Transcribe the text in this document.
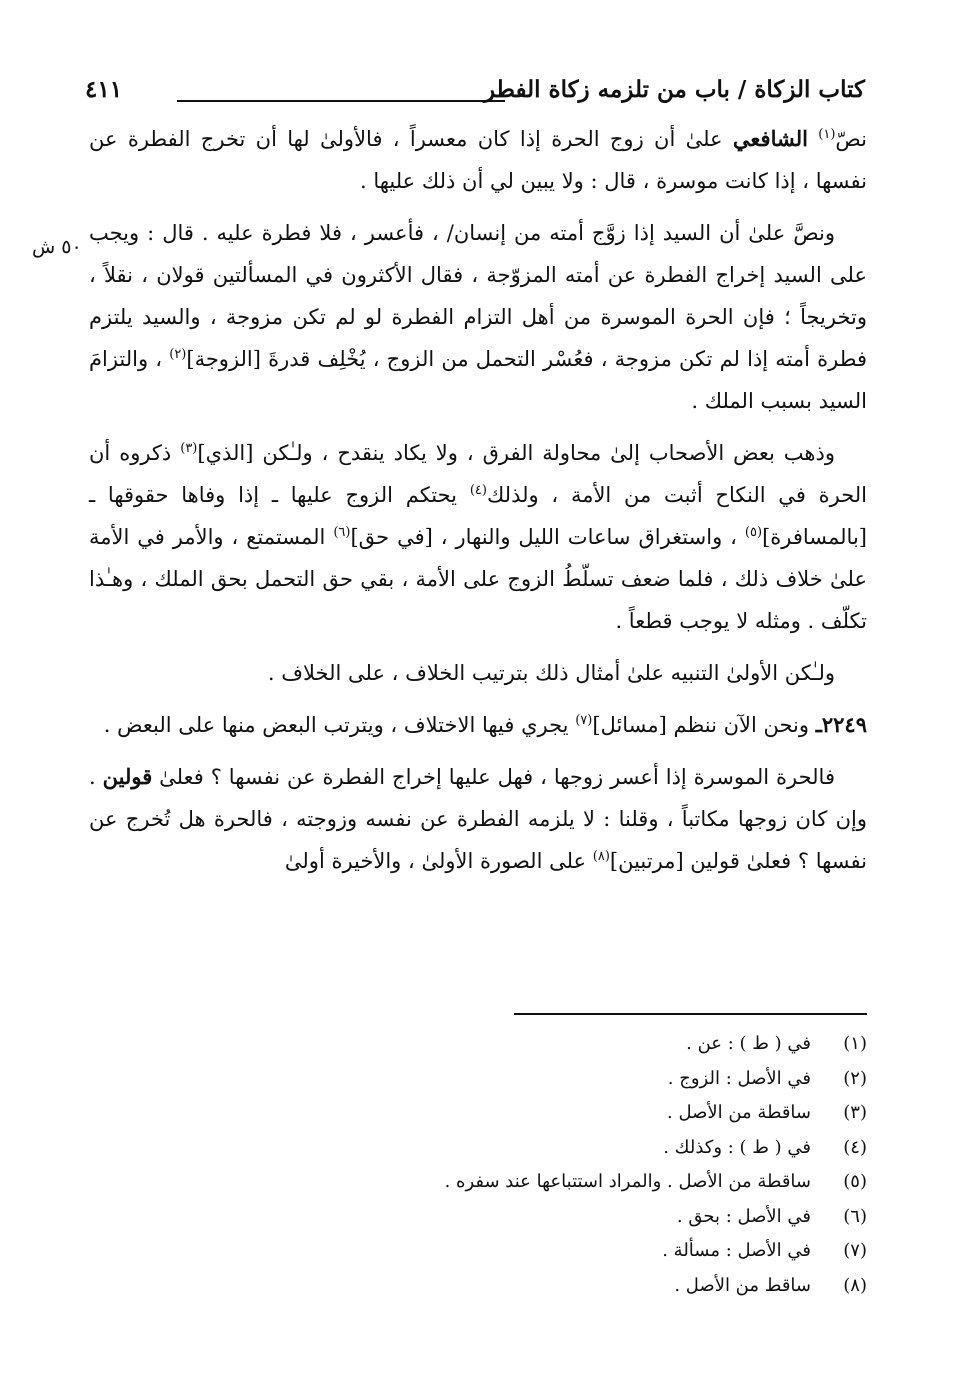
كتاب الزكاة / باب من تلزمه زكاة الفطر
٤١١
٥٠ ش

نصّ$^{(١)}$ الشافعي علىٰ أن زوج الحرة إذا كان معسراً ، فالأولىٰ لها أن تخرج الفطرة عن نفسها ، إذا كانت موسرة ، قال : ولا يبين لي أن ذلك عليها .

ونصَّ علىٰ أن السيد إذا زوَّج أمته من إنسان/ ، فأعسر ، فلا فطرة عليه . قال : ويجب على السيد إخراج الفطرة عن أمته المزوّجة ، فقال الأكثرون في المسألتين قولان ، نقلاً ، وتخريجاً ؛ فإن الحرة الموسرة من أهل التزام الفطرة لو لم تكن مزوجة ، والسيد يلتزم فطرة أمته إذا لم تكن مزوجة ، فعُسْر التحمل من الزوج ، يُخْلِف قدرةَ [الزوجة]$^{(٢)}$ ، والتزامَ السيد بسبب الملك .

وذهب بعض الأصحاب إلىٰ محاولة الفرق ، ولا يكاد ينقدح ، ولـٰكن [الذي]$^{(٣)}$ ذكروه أن الحرة في النكاح أثبت من الأمة ، ولذلك$^{(٤)}$ يحتكم الزوج عليها ـ إذا وفاها حقوقها ـ [بالمسافرة]$^{(٥)}$ ، واستغراق ساعات الليل والنهار ، [في حق]$^{(٦)}$ المستمتع ، والأمر في الأمة علىٰ خلاف ذلك ، فلما ضعف تسلّطُ الزوج على الأمة ، بقي حق التحمل بحق الملك ، وهـٰذا تكلّف . ومثله لا يوجب قطعاً .

ولـٰكن الأولىٰ التنبيه علىٰ أمثال ذلك بترتيب الخلاف ، على الخلاف .

٢٢٤٩ـ ونحن الآن ننظم [مسائل]$^{(٧)}$ يجري فيها الاختلاف ، ويترتب البعض منها على البعض .

فالحرة الموسرة إذا أعسر زوجها ، فهل عليها إخراج الفطرة عن نفسها ؟ فعلىٰ قولين . وإن كان زوجها مكاتباً ، وقلنا : لا يلزمه الفطرة عن نفسه وزوجته ، فالحرة هل تُخرج عن نفسها ؟ فعلىٰ قولين [مرتبين]$^{(٨)}$ على الصورة الأولىٰ ، والأخيرة أولىٰ

(١)
في ( ط ) : عن .
(٢)
في الأصل : الزوج .
(٣)
ساقطة من الأصل .
(٤)
في ( ط ) : وكذلك .
(٥)
ساقطة من الأصل . والمراد استتباعها عند سفره .
(٦)
في الأصل : بحق .
(٧)
في الأصل : مسألة .
(٨)
ساقط من الأصل .
